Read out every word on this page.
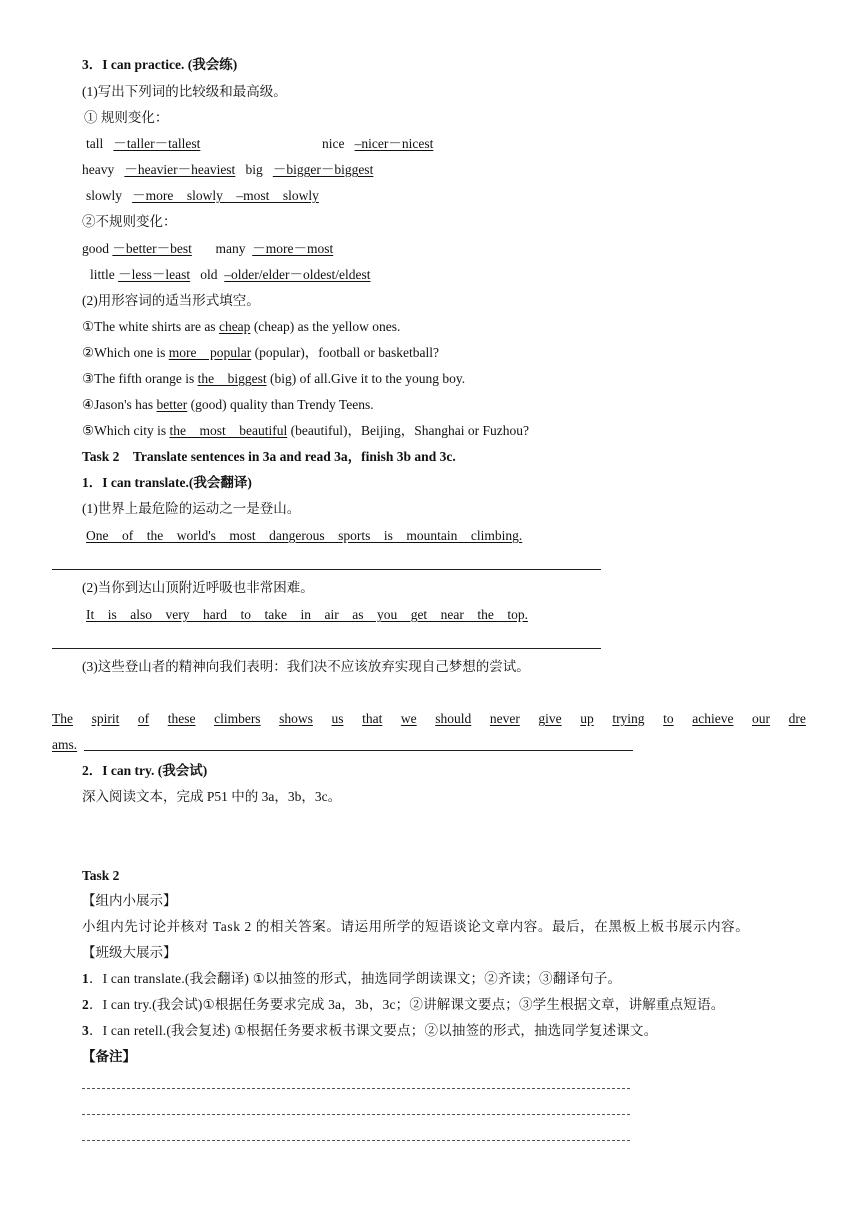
3．I can practice. (我会练)
(1)写出下列词的比较级和最高级。
① 规则变化：
tall －taller－tallest	nice –nicer－nicest
heavy －heavier－heaviest big －bigger－biggest
slowly －more　slowly　–most　slowly
②不规则变化：
good －better－best many －more－most
little －less－least old –older/elder－oldest/eldest
(2)用形容词的适当形式填空。
①The white shirts are as cheap (cheap) as the yellow ones.
②Which one is more　popular (popular)，football or basketball?
③The fifth orange is the　biggest (big) of all.Give it to the young boy.
④Jason's has better (good) quality than Trendy Teens.
⑤Which city is the　most　beautiful (beautiful)，Beijing，Shanghai or Fuzhou?
Task 2　Translate sentences in 3a and read 3a，finish 3b and 3c.
1．I can translate.(我会翻译)
(1)世界上最危险的运动之一是登山。
One　of　the　world's　most　dangerous　sports　is　mountain　climbing.
(2)当你到达山顶附近呼吸也非常困难。
It　is　also　very　hard　to　take　in　air　as　you　get　near　the　top.
(3)这些登山者的精神向我们表明：我们决不应该放弃实现自己梦想的尝试。
The spirit of these climbers shows us that we should never give up trying to achieve our dre
ams.
2．I can try. (我会试)
深入阅读文本，完成 P51 中的 3a，3b，3c。
Task 2
【组内小展示】
小组内先讨论并核对 Task 2 的相关答案。请运用所学的短语谈论文章内容。最后，在黑板上板书展示内容。
【班级大展示】
1．I can translate.(我会翻译) ①以抽签的形式，抽选同学朗读课文；②齐读；③翻译句子。
2．I can try.(我会试)①根据任务要求完成 3a，3b，3c；②讲解课文要点；③学生根据文章，讲解重点短语。
3．I can retell.(我会复述) ①根据任务要求板书课文要点；②以抽签的形式，抽选同学复述课文。
【备注】
